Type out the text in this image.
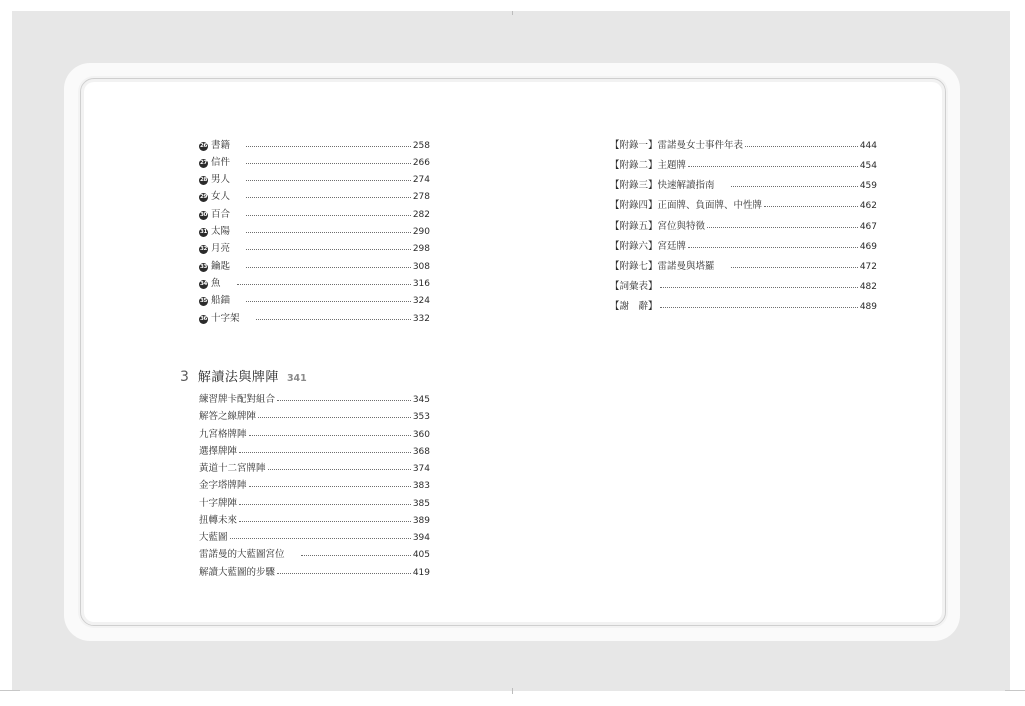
26 書籍	258
27 信件	266
28 男人	274
29 女人	278
30 百合	282
31 太陽	290
32 月亮	298
33 鑰匙	308
34 魚	316
35 船錨	324
36 十字架	332
3 解讀法與牌陣 341
練習牌卡配對組合	345
解答之線牌陣	353
九宮格牌陣	360
選擇牌陣	368
黃道十二宮牌陣	374
金字塔牌陣	383
十字牌陣	385
扭轉未來	389
大藍圖	394
雷諾曼的大藍圖宮位	405
解讀大藍圖的步驟	419
【附錄一】雷諾曼女士事件年表	444
【附錄二】主題牌	454
【附錄三】快速解讀指南	459
【附錄四】正面牌、負面牌、中性牌	462
【附錄五】宮位與特徵	467
【附錄六】宮廷牌	469
【附錄七】雷諾曼與塔羅	472
【詞彙表】	482
【謝　辭】	489
